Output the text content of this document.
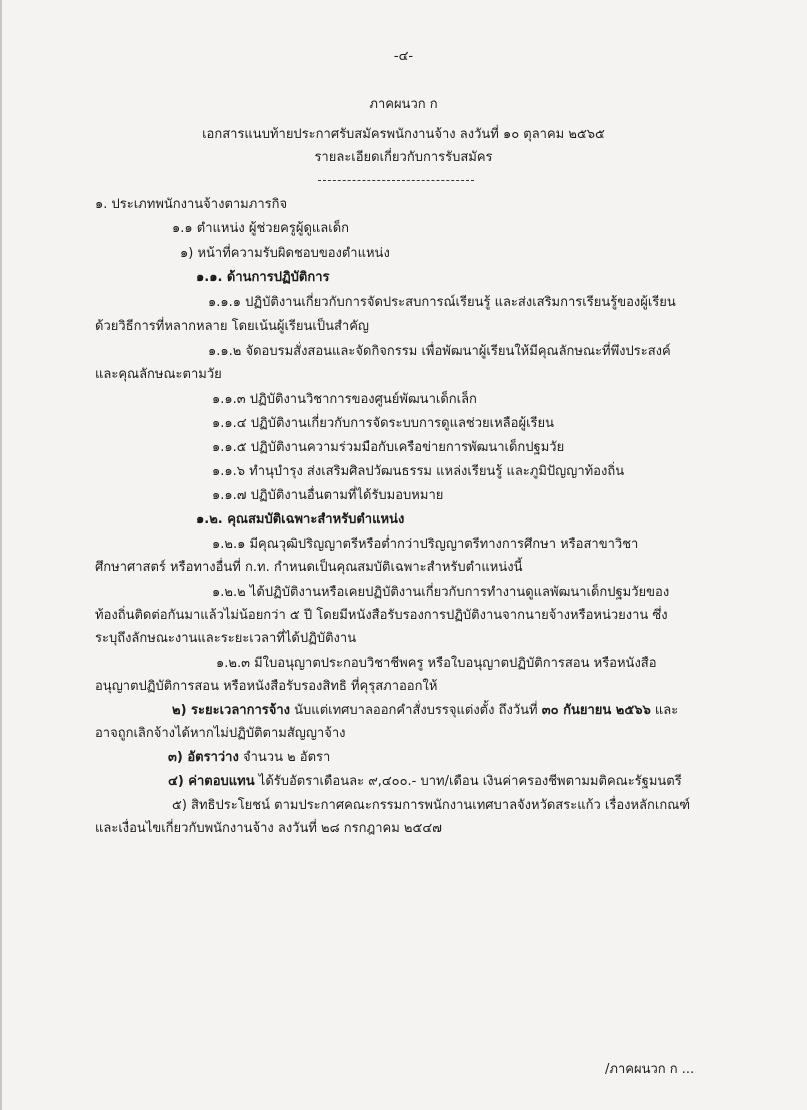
-๔-
ภาคผนวก ก
เอกสารแนบท้ายประกาศรับสมัครพนักงานจ้าง ลงวันที่ ๑๐ ตุลาคม ๒๕๖๕
รายละเอียดเกี่ยวกับการรับสมัคร
๑. ประเภทพนักงานจ้างตามภารกิจ
๑.๑ ตำแหน่ง ผู้ช่วยครูผู้ดูแลเด็ก
๑) หน้าที่ความรับผิดชอบของตำแหน่ง
๑.๑. ด้านการปฏิบัติการ
๑.๑.๑ ปฏิบัติงานเกี่ยวกับการจัดประสบการณ์เรียนรู้ และส่งเสริมการเรียนรู้ของผู้เรียน
ด้วยวิธีการที่หลากหลาย โดยเน้นผู้เรียนเป็นสำคัญ
๑.๑.๒ จัดอบรมสั่งสอนและจัดกิจกรรม เพื่อพัฒนาผู้เรียนให้มีคุณลักษณะที่พึงประสงค์
และคุณลักษณะตามวัย
๑.๑.๓ ปฏิบัติงานวิชาการของศูนย์พัฒนาเด็กเล็ก
๑.๑.๔ ปฏิบัติงานเกี่ยวกับการจัดระบบการดูแลช่วยเหลือผู้เรียน
๑.๑.๕ ปฏิบัติงานความร่วมมือกับเครือข่ายการพัฒนาเด็กปฐมวัย
๑.๑.๖ ทำนุบำรุง ส่งเสริมศิลปวัฒนธรรม แหล่งเรียนรู้ และภูมิปัญญาท้องถิ่น
๑.๑.๗ ปฏิบัติงานอื่นตามที่ได้รับมอบหมาย
๑.๒. คุณสมบัติเฉพาะสำหรับตำแหน่ง
๑.๒.๑ มีคุณวุฒิปริญญาตรีหรือต่ำกว่าปริญญาตรีทางการศึกษา หรือสาขาวิชา
ศึกษาศาสตร์ หรือทางอื่นที่ ก.ท. กำหนดเป็นคุณสมบัติเฉพาะสำหรับตำแหน่งนี้
๑.๒.๒ ได้ปฏิบัติงานหรือเคยปฏิบัติงานเกี่ยวกับการทำงานดูแลพัฒนาเด็กปฐมวัยของ
ท้องถิ่นติดต่อกันมาแล้วไม่น้อยกว่า ๕ ปี โดยมีหนังสือรับรองการปฏิบัติงานจากนายจ้างหรือหน่วยงาน ซึ่ง
ระบุถึงลักษณะงานและระยะเวลาที่ได้ปฏิบัติงาน
๑.๒.๓ มีใบอนุญาตประกอบวิชาชีพครู หรือใบอนุญาตปฏิบัติการสอน หรือหนังสือ
อนุญาตปฏิบัติการสอน หรือหนังสือรับรองสิทธิ ที่คุรุสภาออกให้
๒) ระยะเวลาการจ้าง นับแต่เทศบาลออกคำสั่งบรรจุแต่งตั้ง ถึงวันที่ ๓๐ กันยายน ๒๕๖๖ และ
อาจถูกเลิกจ้างได้หากไม่ปฏิบัติตามสัญญาจ้าง
๓) อัตราว่าง จำนวน ๒ อัตรา
๔) ค่าตอบแทน ได้รับอัตราเดือนละ ๙,๔๐๐.- บาท/เดือน เงินค่าครองชีพตามมติคณะรัฐมนตรี
๕) สิทธิประโยชน์ ตามประกาศคณะกรรมการพนักงานเทศบาลจังหวัดสระแก้ว เรื่องหลักเกณฑ์
และเงื่อนไขเกี่ยวกับพนักงานจ้าง ลงวันที่ ๒๘ กรกฎาคม ๒๕๔๗
/ภาคผนวก ก ...
